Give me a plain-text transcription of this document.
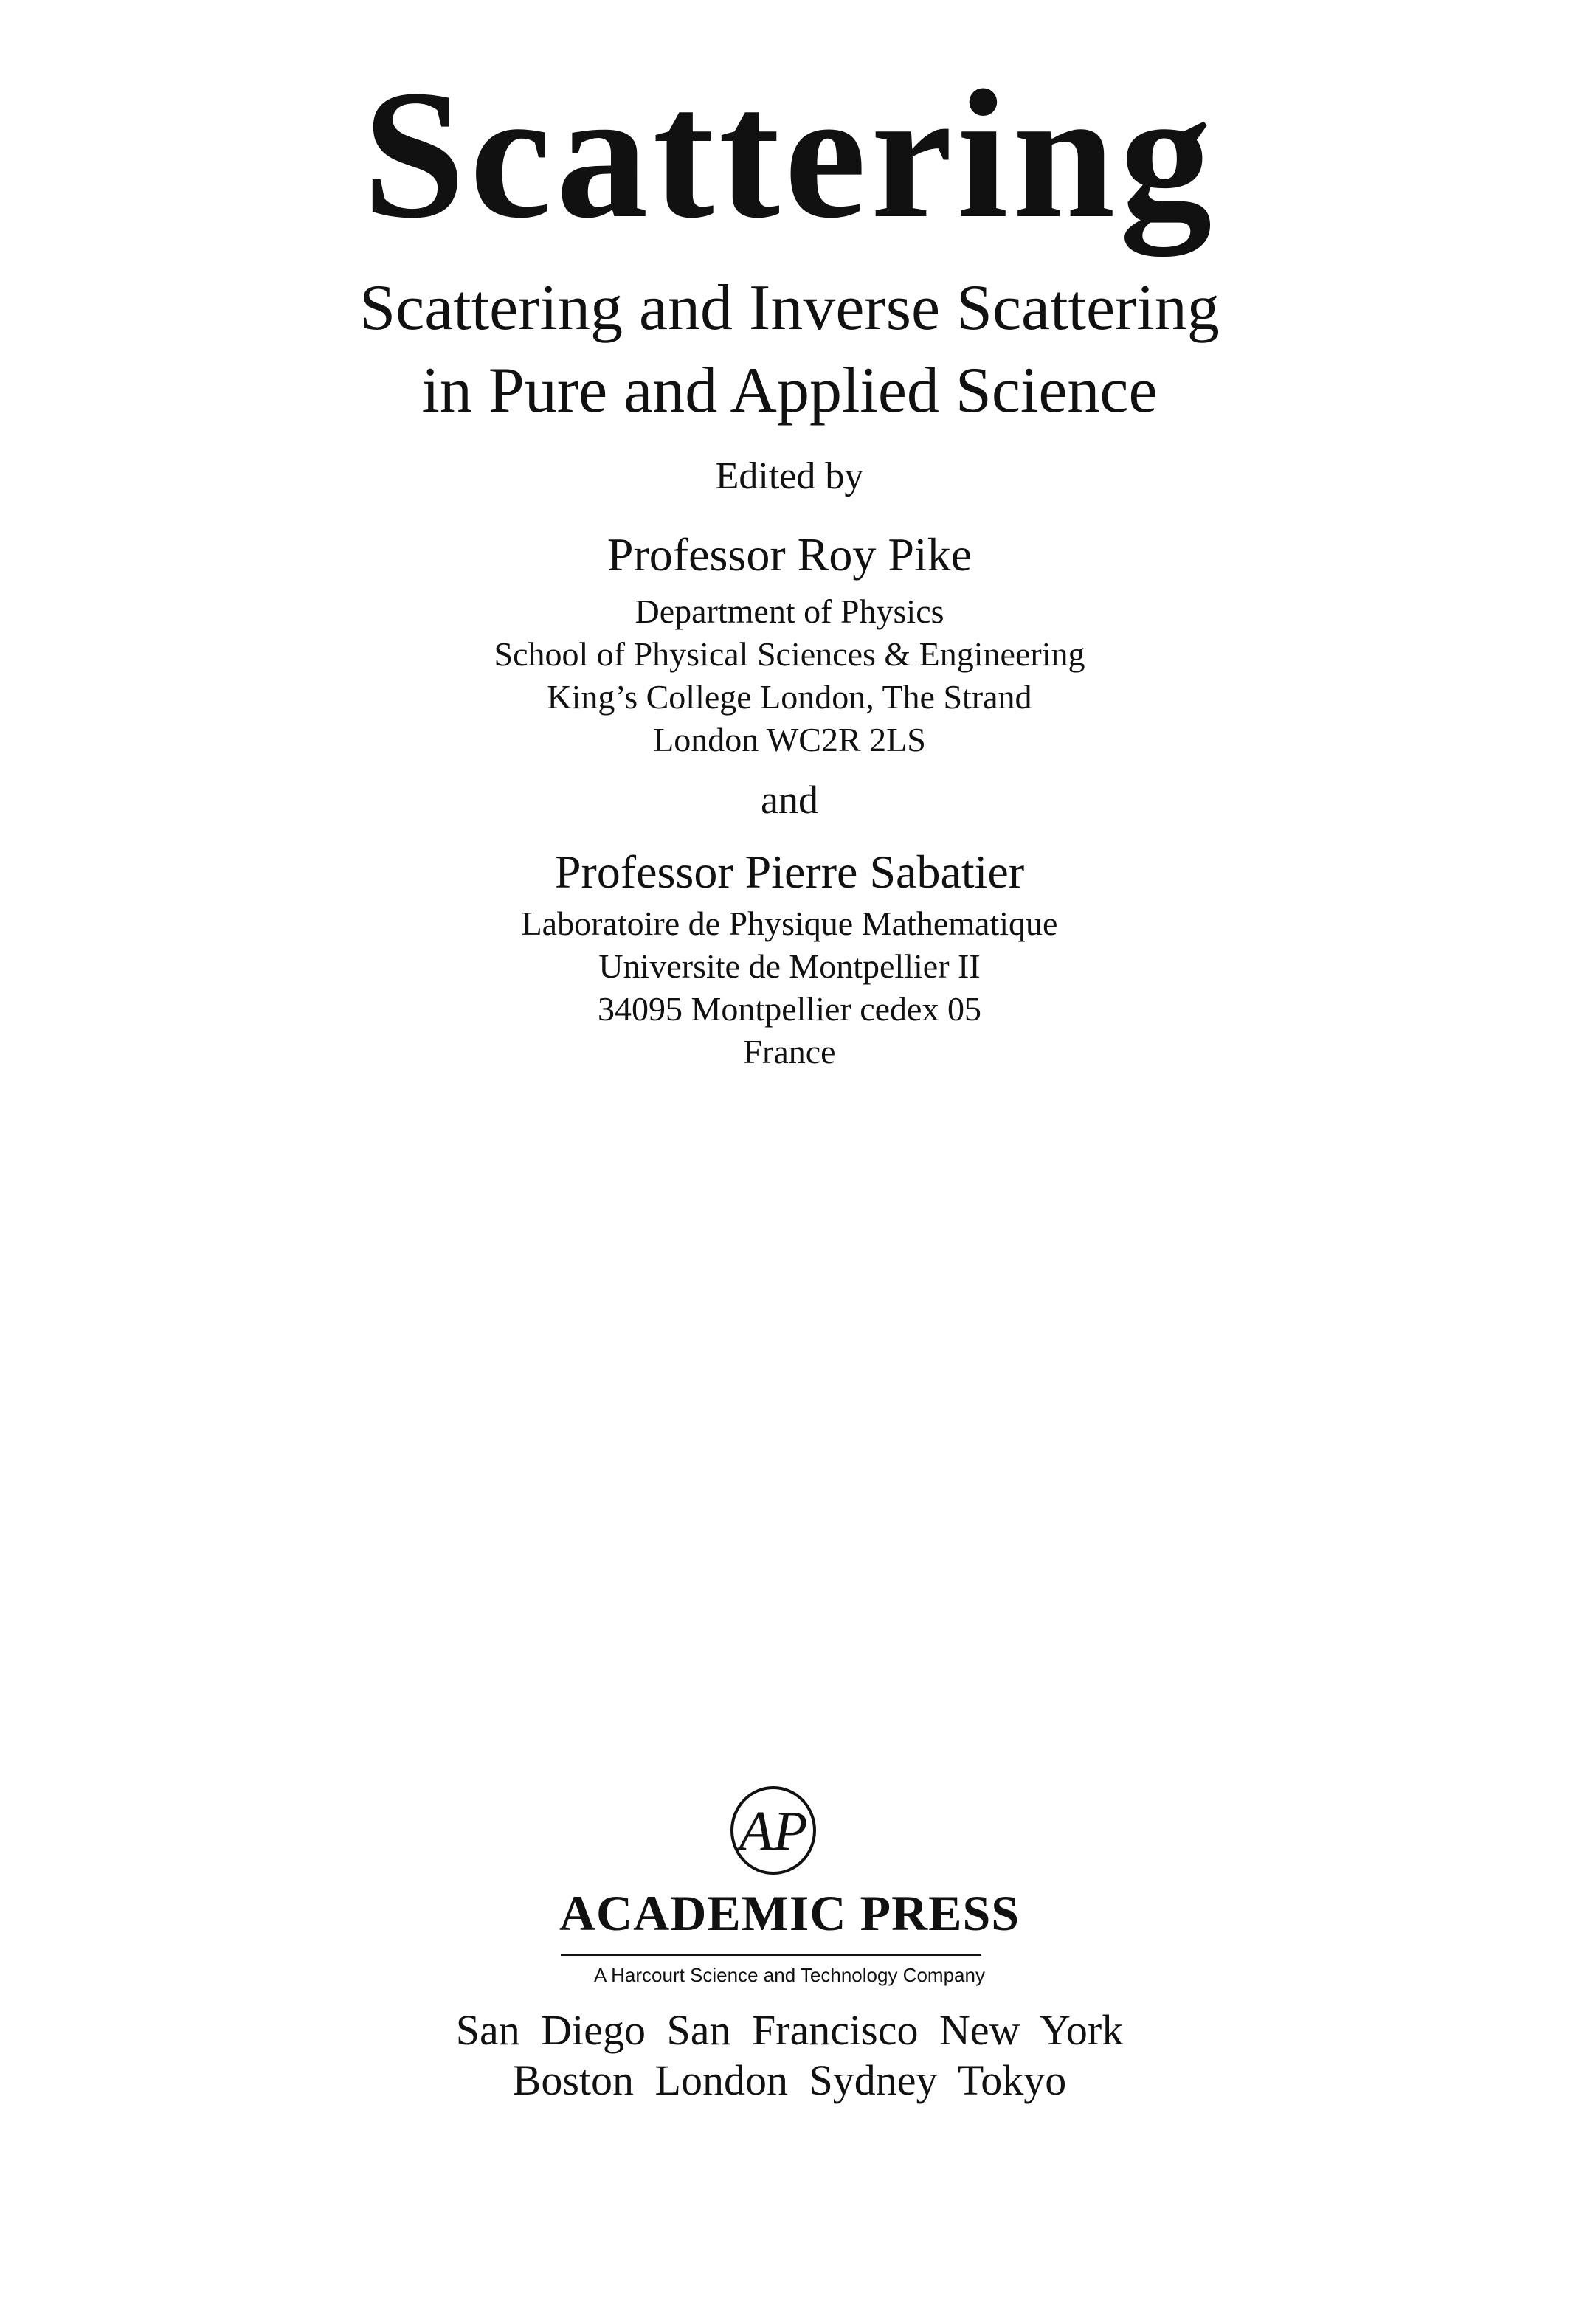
Scattering
Scattering and Inverse Scattering
in Pure and Applied Science
Edited by
Professor Roy Pike
Department of Physics
School of Physical Sciences & Engineering
King’s College London, The Strand
London WC2R 2LS
and
Professor Pierre Sabatier
Laboratoire de Physique Mathematique
Universite de Montpellier II
34095 Montpellier cedex 05
France
AP
ACADEMIC PRESS
A Harcourt Science and Technology Company
San Diego San Francisco New York
Boston London Sydney Tokyo
